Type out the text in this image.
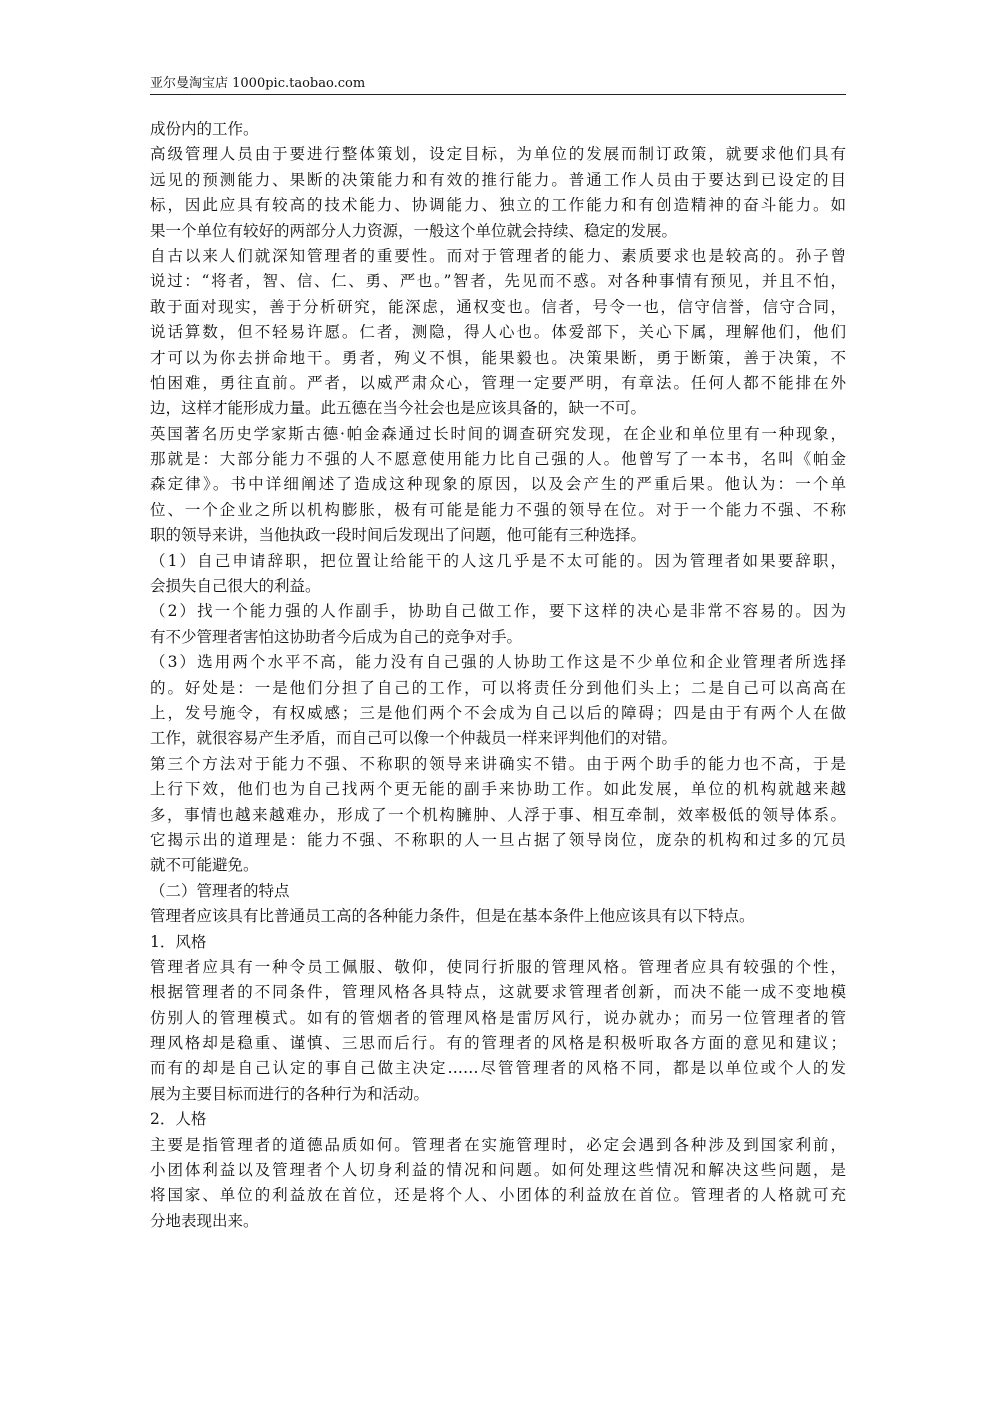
亚尔曼淘宝店 1000pic.taobao.com
成份内的工作。
高级管理人员由于要进行整体策划，设定目标，为单位的发展而制订政策，就要求他们具有
远见的预测能力、果断的决策能力和有效的推行能力。普通工作人员由于要达到已设定的目
标，因此应具有较高的技术能力、协调能力、独立的工作能力和有创造精神的奋斗能力。如
果一个单位有较好的两部分人力资源，一般这个单位就会持续、稳定的发展。
自古以来人们就深知管理者的重要性。而对于管理者的能力、素质要求也是较高的。孙子曾
说过：“将者，智、信、仁、勇、严也。”智者，先见而不惑。对各种事情有预见，并且不怕，
敢于面对现实，善于分析研究，能深虑，通权变也。信者，号令一也，信守信誉，信守合同，
说话算数，但不轻易许愿。仁者，测隐，得人心也。体爱部下，关心下属，理解他们，他们
才可以为你去拼命地干。勇者，殉义不惧，能果毅也。决策果断，勇于断策，善于决策，不
怕困难，勇往直前。严者，以威严肃众心，管理一定要严明，有章法。任何人都不能排在外
边，这样才能形成力量。此五德在当今社会也是应该具备的，缺一不可。
英国著名历史学家斯古德·帕金森通过长时间的调查研究发现，在企业和单位里有一种现象，
那就是：大部分能力不强的人不愿意使用能力比自己强的人。他曾写了一本书，名叫《帕金
森定律》。书中详细阐述了造成这种现象的原因，以及会产生的严重后果。他认为：一个单
位、一个企业之所以机构膨胀，极有可能是能力不强的领导在位。对于一个能力不强、不称
职的领导来讲，当他执政一段时间后发现出了问题，他可能有三种选择。
（1）自己申请辞职，把位置让给能干的人这几乎是不太可能的。因为管理者如果要辞职，
会损失自己很大的利益。
（2）找一个能力强的人作副手，协助自己做工作，要下这样的决心是非常不容易的。因为
有不少管理者害怕这协助者今后成为自己的竞争对手。
（3）选用两个水平不高，能力没有自己强的人协助工作这是不少单位和企业管理者所选择
的。好处是：一是他们分担了自己的工作，可以将责任分到他们头上；二是自己可以高高在
上，发号施令，有权威感；三是他们两个不会成为自己以后的障碍；四是由于有两个人在做
工作，就很容易产生矛盾，而自己可以像一个仲裁员一样来评判他们的对错。
第三个方法对于能力不强、不称职的领导来讲确实不错。由于两个助手的能力也不高，于是
上行下效，他们也为自己找两个更无能的副手来协助工作。如此发展，单位的机构就越来越
多，事情也越来越难办，形成了一个机构臃肿、人浮于事、相互牵制，效率极低的领导体系。
它揭示出的道理是：能力不强、不称职的人一旦占据了领导岗位，庞杂的机构和过多的冗员
就不可能避免。
（二）管理者的特点
管理者应该具有比普通员工高的各种能力条件，但是在基本条件上他应该具有以下特点。
1．风格
管理者应具有一种令员工佩服、敬仰，使同行折服的管理风格。管理者应具有较强的个性，
根据管理者的不同条件，管理风格各具特点，这就要求管理者创新，而决不能一成不变地模
仿别人的管理模式。如有的管烟者的管理风格是雷厉风行，说办就办；而另一位管理者的管
理风格却是稳重、谨慎、三思而后行。有的管理者的风格是积极听取各方面的意见和建议；
而有的却是自己认定的事自己做主决定……尽管管理者的风格不同，都是以单位或个人的发
展为主要目标而进行的各种行为和活动。
2．人格
主要是指管理者的道德品质如何。管理者在实施管理时，必定会遇到各种涉及到国家利前，
小团体利益以及管理者个人切身利益的情况和问题。如何处理这些情况和解决这些问题，是
将国家、单位的利益放在首位，还是将个人、小团体的利益放在首位。管理者的人格就可充
分地表现出来。
